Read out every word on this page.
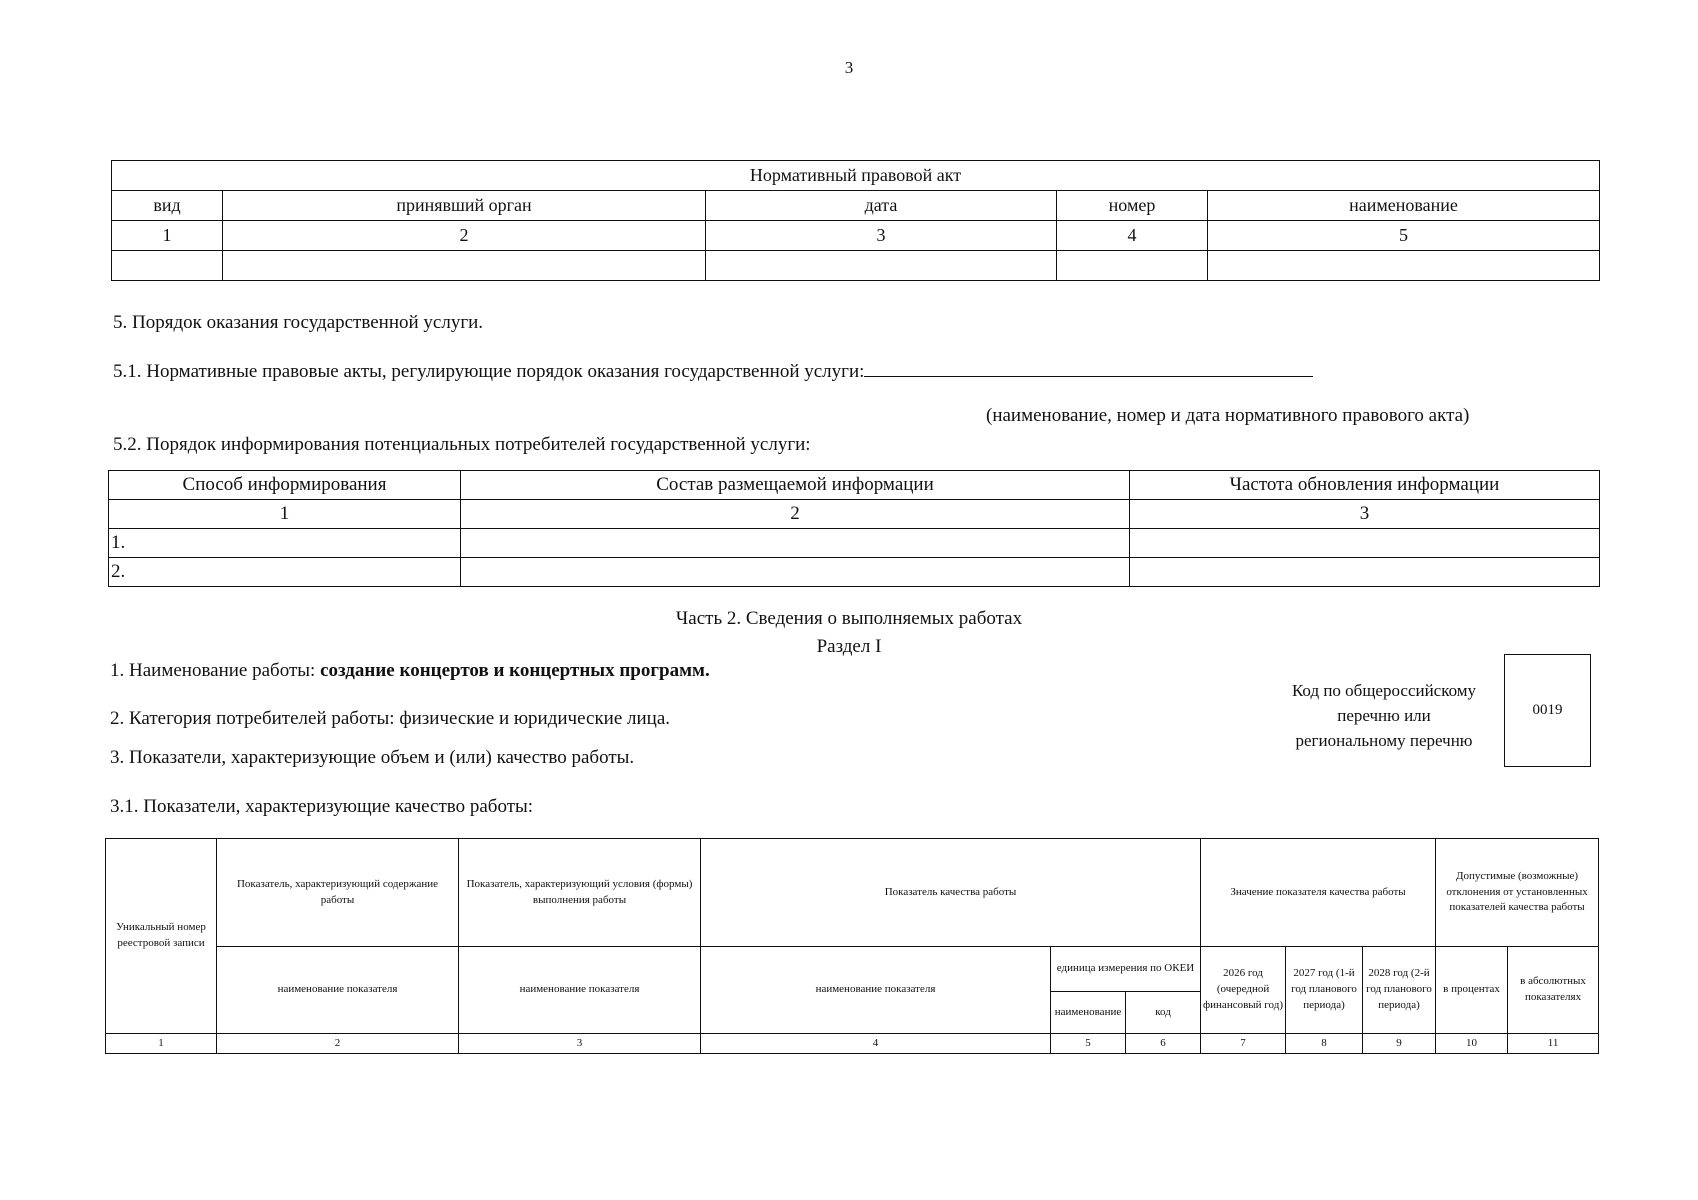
3
Нормативный правовой акт				
вид	принявший орган	дата	номер	наименование
1	2	3	4	5

5. Порядок оказания государственной услуги.
5.1. Нормативные правовые акты, регулирующие порядок оказания государственной услуги:
(наименование, номер и дата нормативного правового акта)
5.2. Порядок информирования потенциальных потребителей государственной услуги:
Способ информирования	Состав размещаемой информации	Частота обновления информации
1	2	3
1.		
2.		
Часть 2. Сведения о выполняемых работах
Раздел I
1. Наименование работы: создание концертов и концертных программ.
2. Категория потребителей работы: физические и юридические лица.
3. Показатели, характеризующие объем и (или) качество работы.
3.1. Показатели, характеризующие качество работы:
Код по общероссийскому
перечню или
региональному перечню
0019
Уникальный номер реестровой записи	Показатель, характеризующий содержание работы	Показатель, характеризующий условия (формы) выполнения работы	Показатель качества работы			Значение показателя качества работы			Допустимые (возможные) отклонения от установленных показателей качества работы	
	наименование показателя	наименование показателя	наименование показателя	единица измерения по ОКЕИ		2026 год (очередной финансовый год)	2027 год (1-й год планового периода)	2028 год (2-й год планового периода)	в процентах	в абсолютных показателях
				наименование	код					
1	2	3	4	5	6	7	8	9	10	11
